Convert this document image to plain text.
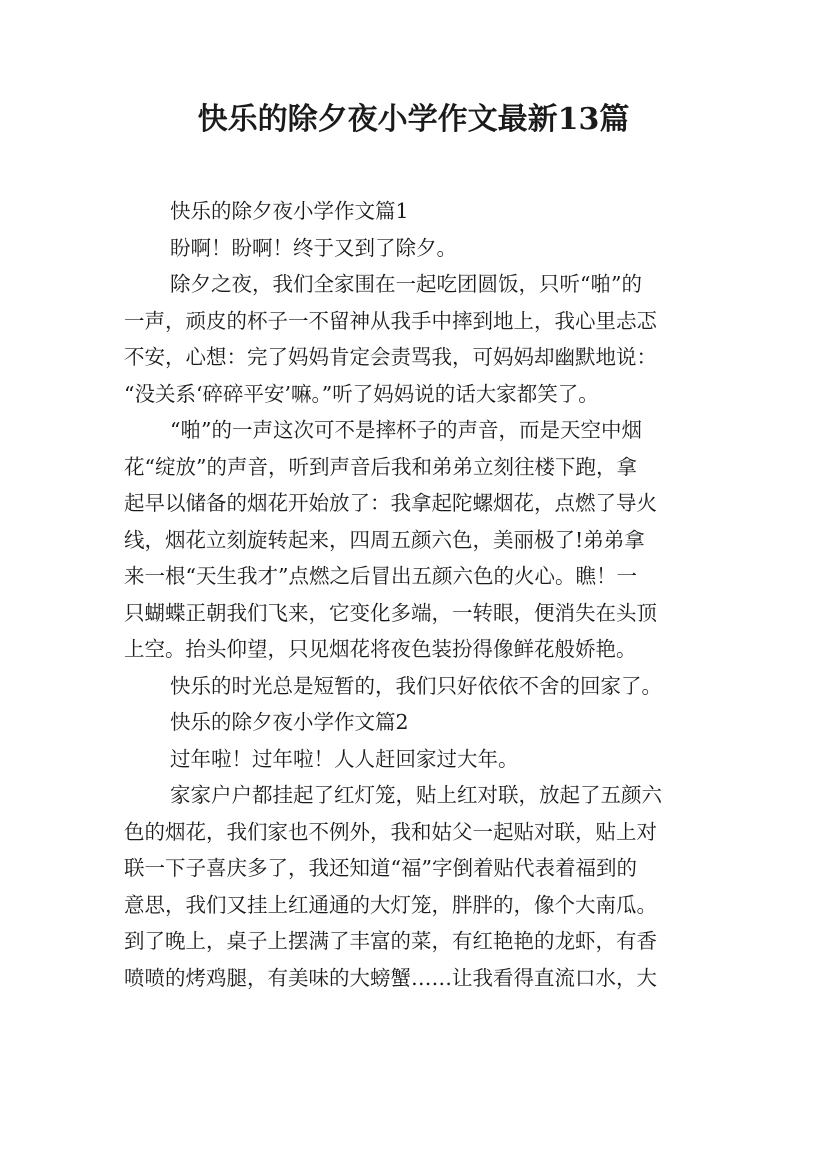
快乐的除夕夜小学作文最新13篇
快乐的除夕夜小学作文篇1
盼啊！盼啊！终于又到了除夕。
除夕之夜，我们全家围在一起吃团圆饭，只听“啪”的
一声，顽皮的杯子一不留神从我手中摔到地上，我心里忐忑
不安，心想：完了妈妈肯定会责骂我，可妈妈却幽默地说：
“没关系‘碎碎平安’嘛。”听了妈妈说的话大家都笑了。
“啪”的一声这次可不是摔杯子的声音，而是天空中烟
花“绽放”的声音，听到声音后我和弟弟立刻往楼下跑，拿
起早以储备的烟花开始放了：我拿起陀螺烟花，点燃了导火
线，烟花立刻旋转起来，四周五颜六色，美丽极了!弟弟拿
来一根“天生我才”点燃之后冒出五颜六色的火心。瞧！一
只蝴蝶正朝我们飞来，它变化多端，一转眼，便消失在头顶
上空。抬头仰望，只见烟花将夜色装扮得像鲜花般娇艳。
快乐的时光总是短暂的，我们只好依依不舍的回家了。
快乐的除夕夜小学作文篇2
过年啦！过年啦！人人赶回家过大年。
家家户户都挂起了红灯笼，贴上红对联，放起了五颜六
色的烟花，我们家也不例外，我和姑父一起贴对联，贴上对
联一下子喜庆多了，我还知道“福”字倒着贴代表着福到的
意思，我们又挂上红通通的大灯笼，胖胖的，像个大南瓜。
到了晚上，桌子上摆满了丰富的菜，有红艳艳的龙虾，有香
喷喷的烤鸡腿，有美味的大螃蟹……让我看得直流口水，大
